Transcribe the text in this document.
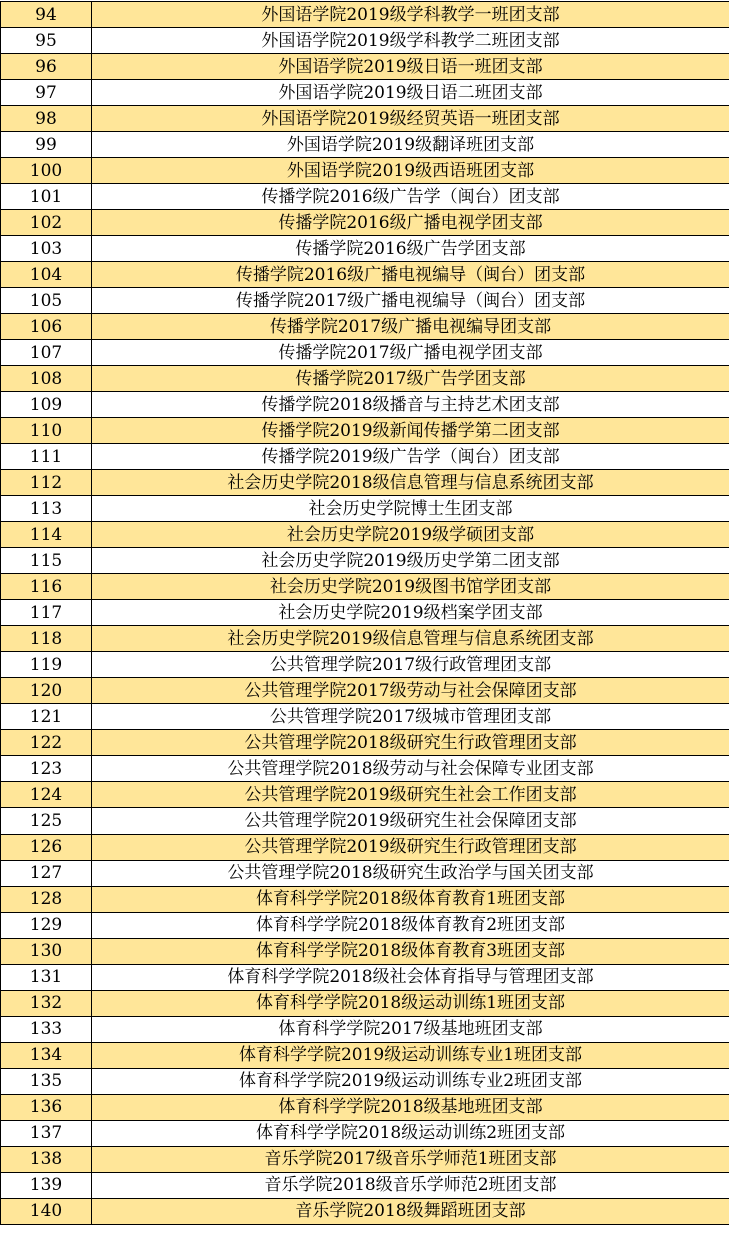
94	外国语学院2019级学科教学一班团支部
95	外国语学院2019级学科教学二班团支部
96	外国语学院2019级日语一班团支部
97	外国语学院2019级日语二班团支部
98	外国语学院2019级经贸英语一班团支部
99	外国语学院2019级翻译班团支部
100	外国语学院2019级西语班团支部
101	传播学院2016级广告学（闽台）团支部
102	传播学院2016级广播电视学团支部
103	传播学院2016级广告学团支部
104	传播学院2016级广播电视编导（闽台）团支部
105	传播学院2017级广播电视编导（闽台）团支部
106	传播学院2017级广播电视编导团支部
107	传播学院2017级广播电视学团支部
108	传播学院2017级广告学团支部
109	传播学院2018级播音与主持艺术团支部
110	传播学院2019级新闻传播学第二团支部
111	传播学院2019级广告学（闽台）团支部
112	社会历史学院2018级信息管理与信息系统团支部
113	社会历史学院博士生团支部
114	社会历史学院2019级学硕团支部
115	社会历史学院2019级历史学第二团支部
116	社会历史学院2019级图书馆学团支部
117	社会历史学院2019级档案学团支部
118	社会历史学院2019级信息管理与信息系统团支部
119	公共管理学院2017级行政管理团支部
120	公共管理学院2017级劳动与社会保障团支部
121	公共管理学院2017级城市管理团支部
122	公共管理学院2018级研究生行政管理团支部
123	公共管理学院2018级劳动与社会保障专业团支部
124	公共管理学院2019级研究生社会工作团支部
125	公共管理学院2019级研究生社会保障团支部
126	公共管理学院2019级研究生行政管理团支部
127	公共管理学院2018级研究生政治学与国关团支部
128	体育科学学院2018级体育教育1班团支部
129	体育科学学院2018级体育教育2班团支部
130	体育科学学院2018级体育教育3班团支部
131	体育科学学院2018级社会体育指导与管理团支部
132	体育科学学院2018级运动训练1班团支部
133	体育科学学院2017级基地班团支部
134	体育科学学院2019级运动训练专业1班团支部
135	体育科学学院2019级运动训练专业2班团支部
136	体育科学学院2018级基地班团支部
137	体育科学学院2018级运动训练2班团支部
138	音乐学院2017级音乐学师范1班团支部
139	音乐学院2018级音乐学师范2班团支部
140	音乐学院2018级舞蹈班团支部
